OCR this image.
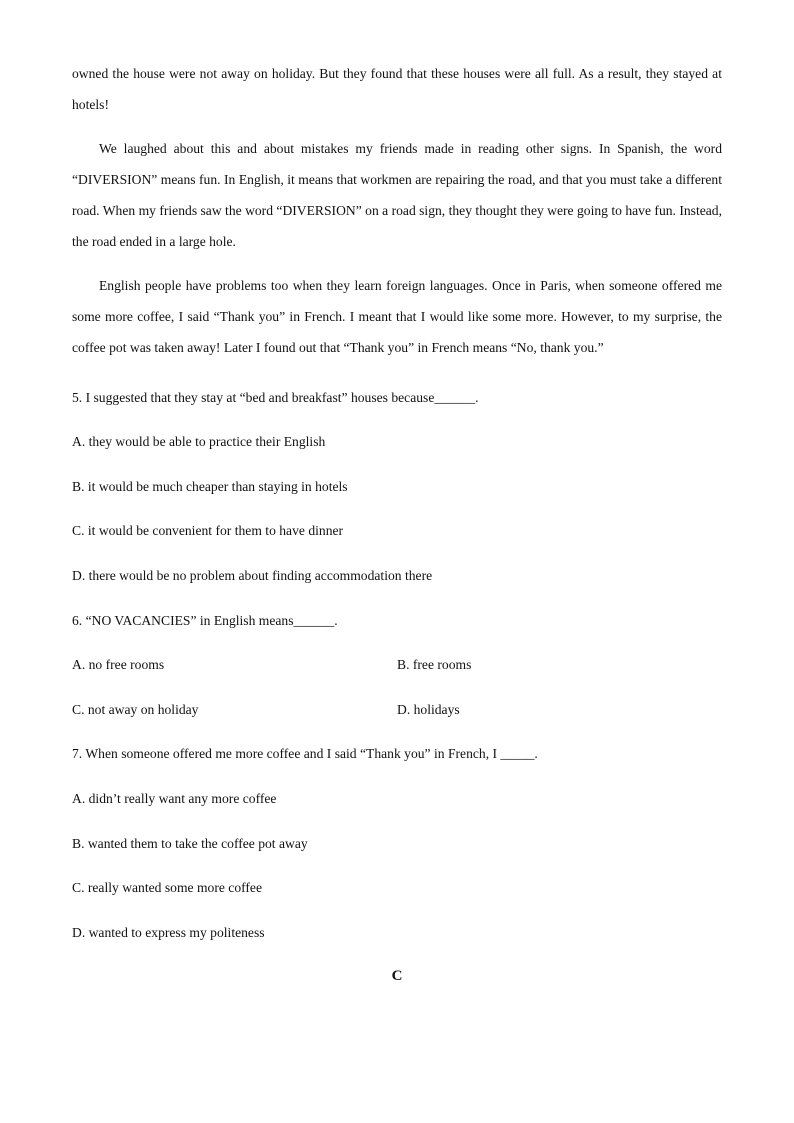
owned the house were not away on holiday. But they found that these houses were all full. As a result, they stayed at hotels!

We laughed about this and about mistakes my friends made in reading other signs. In Spanish, the word “DIVERSION” means fun. In English, it means that workmen are repairing the road, and that you must take a different road. When my friends saw the word “DIVERSION” on a road sign, they thought they were going to have fun. Instead, the road ended in a large hole.

English people have problems too when they learn foreign languages. Once in Paris, when someone offered me some more coffee, I said “Thank you” in French. I meant that I would like some more. However, to my surprise, the coffee pot was taken away! Later I found out that “Thank you” in French means “No, thank you.”

5. I suggested that they stay at “bed and breakfast” houses because______.

A. they would be able to practice their English

B. it would be much cheaper than staying in hotels

C. it would be convenient for them to have dinner

D. there would be no problem about finding accommodation there

6. “NO VACANCIES” in English means______.

A. no free rooms	B. free rooms
C. not away on holiday	D. holidays

7. When someone offered me more coffee and I said “Thank you” in French, I _____.

A. didn’t really want any more coffee

B. wanted them to take the coffee pot away

C. really wanted some more coffee

D. wanted to express my politeness

C
